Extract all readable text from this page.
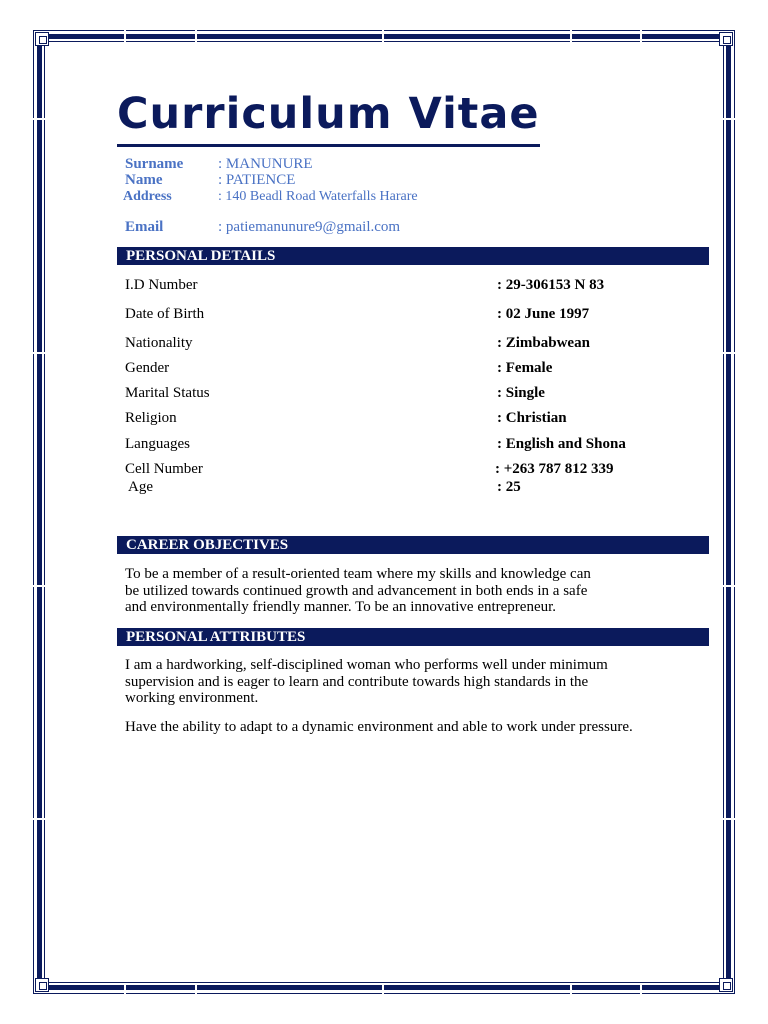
Curriculum Vitae
Surname : MANUNURE
Name	: PATIENCE
Address	: 140 Beadl Road Waterfalls Harare
Email	: patiemanunure9@gmail.com
PERSONAL DETAILS
I.D Number	: 29-306153 N 83
Date of Birth	: 02 June 1997
Nationality	: Zimbabwean
Gender	: Female
Marital Status	: Single
Religion	: Christian
Languages	: English and Shona
Cell Number	: +263 787 812 339
Age	: 25
CAREER OBJECTIVES
To be a member of a result-oriented team where my skills and knowledge can
be utilized towards continued growth and advancement in both ends in a safe
and environmentally friendly manner. To be an innovative entrepreneur.
PERSONAL ATTRIBUTES
I am a hardworking, self-disciplined woman who performs well under minimum
supervision and is eager to learn and contribute towards high standards in the
working environment.
Have the ability to adapt to a dynamic environment and able to work under pressure.
